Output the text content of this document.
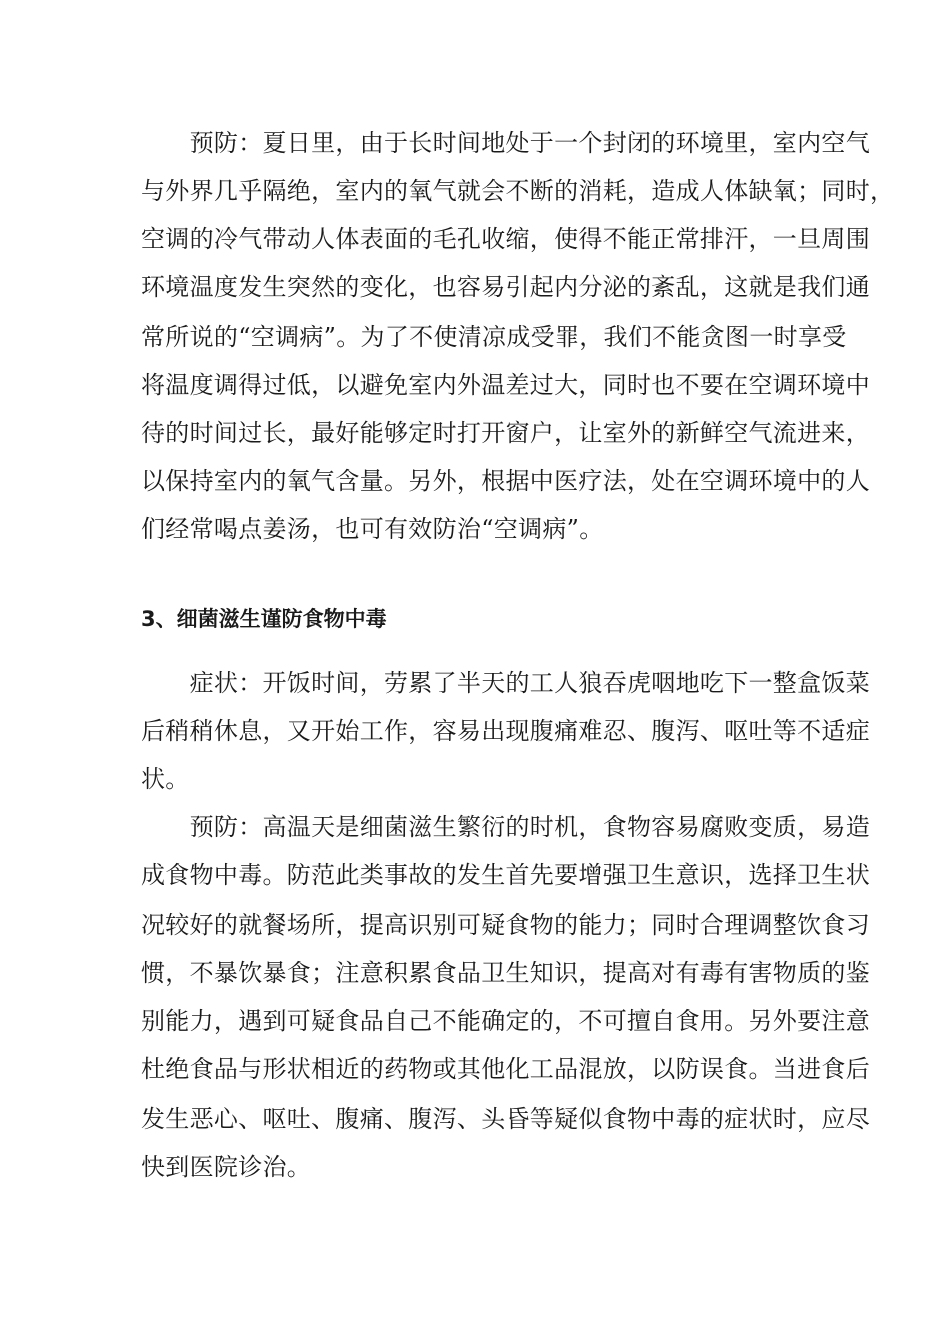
　　预防：夏日里，由于长时间地处于一个封闭的环境里，室内空气
与外界几乎隔绝，室内的氧气就会不断的消耗，造成人体缺氧；同时，
空调的冷气带动人体表面的毛孔收缩，使得不能正常排汗，一旦周围
环境温度发生突然的变化，也容易引起内分泌的紊乱，这就是我们通
常所说的“空调病”。为了不使清凉成受罪，我们不能贪图一时享受
将温度调得过低，以避免室内外温差过大，同时也不要在空调环境中
待的时间过长，最好能够定时打开窗户，让室外的新鲜空气流进来，
以保持室内的氧气含量。另外，根据中医疗法，处在空调环境中的人
们经常喝点姜汤，也可有效防治“空调病”。
3、细菌滋生谨防食物中毒
　　症状：开饭时间，劳累了半天的工人狼吞虎咽地吃下一整盒饭菜
后稍稍休息，又开始工作，容易出现腹痛难忍、腹泻、呕吐等不适症
状。
　　预防：高温天是细菌滋生繁衍的时机，食物容易腐败变质，易造
成食物中毒。防范此类事故的发生首先要增强卫生意识，选择卫生状
况较好的就餐场所，提高识别可疑食物的能力；同时合理调整饮食习
惯，不暴饮暴食；注意积累食品卫生知识，提高对有毒有害物质的鉴
别能力，遇到可疑食品自己不能确定的，不可擅自食用。另外要注意
杜绝食品与形状相近的药物或其他化工品混放，以防误食。当进食后
发生恶心、呕吐、腹痛、腹泻、头昏等疑似食物中毒的症状时，应尽
快到医院诊治。
